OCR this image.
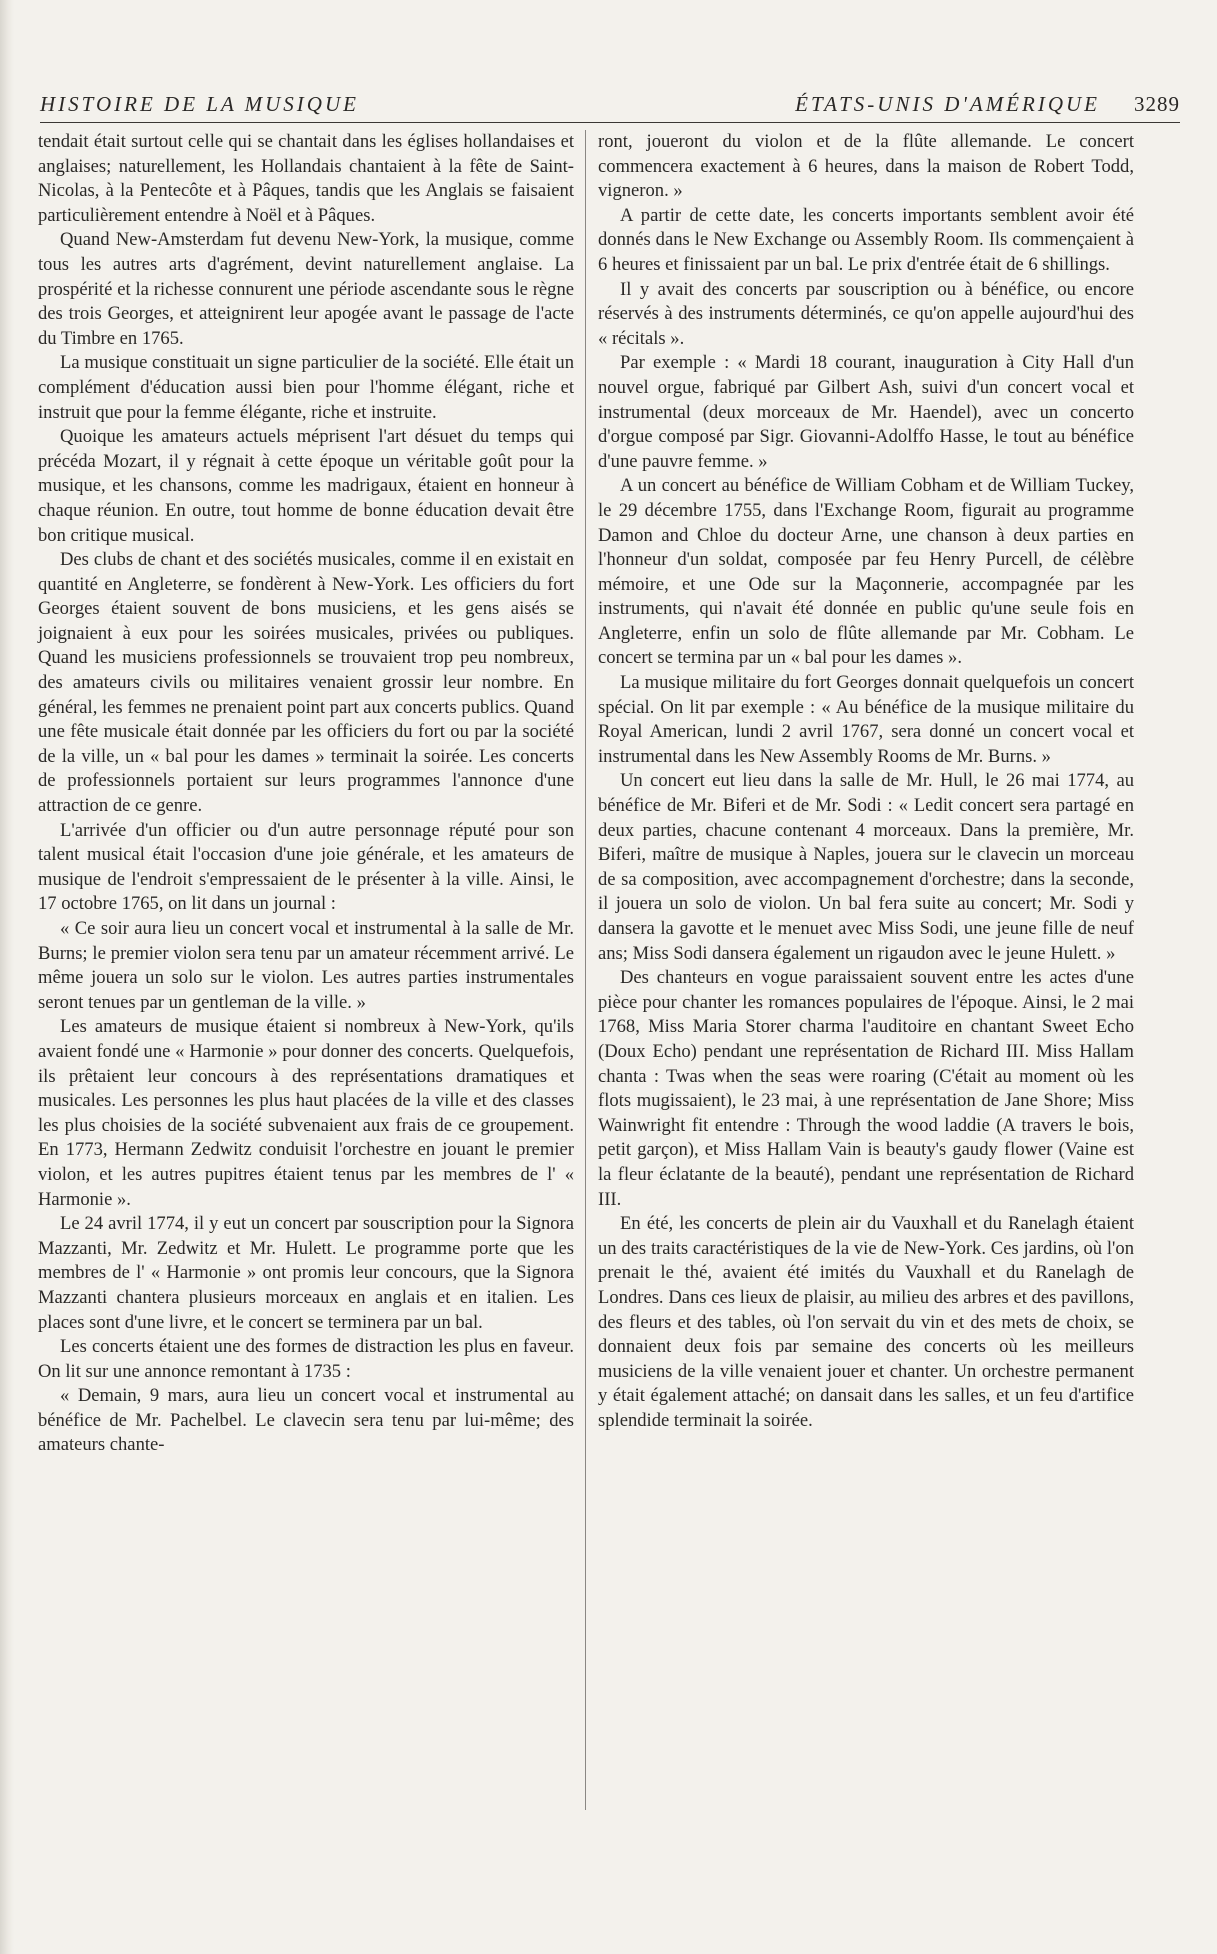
HISTOIRE DE LA MUSIQUE	ÉTATS-UNIS D'AMÉRIQUE 3289

tendait était surtout celle qui se chantait dans les églises hollandaises et anglaises; naturellement, les Hollandais chantaient à la fête de Saint-Nicolas, à la Pentecôte et à Pâques, tandis que les Anglais se faisaient particulièrement entendre à Noël et à Pâques.

Quand New-Amsterdam fut devenu New-York, la musique, comme tous les autres arts d'agrément, devint naturellement anglaise. La prospérité et la richesse connurent une période ascendante sous le règne des trois Georges, et atteignirent leur apogée avant le passage de l'acte du Timbre en 1765.

La musique constituait un signe particulier de la société. Elle était un complément d'éducation aussi bien pour l'homme élégant, riche et instruit que pour la femme élégante, riche et instruite.

Quoique les amateurs actuels méprisent l'art désuet du temps qui précéda Mozart, il y régnait à cette époque un véritable goût pour la musique, et les chansons, comme les madrigaux, étaient en honneur à chaque réunion. En outre, tout homme de bonne éducation devait être bon critique musical.

Des clubs de chant et des sociétés musicales, comme il en existait en quantité en Angleterre, se fondèrent à New-York. Les officiers du fort Georges étaient souvent de bons musiciens, et les gens aisés se joignaient à eux pour les soirées musicales, privées ou publiques. Quand les musiciens professionnels se trouvaient trop peu nombreux, des amateurs civils ou militaires venaient grossir leur nombre. En général, les femmes ne prenaient point part aux concerts publics. Quand une fête musicale était donnée par les officiers du fort ou par la société de la ville, un « bal pour les dames » terminait la soirée. Les concerts de professionnels portaient sur leurs programmes l'annonce d'une attraction de ce genre.

L'arrivée d'un officier ou d'un autre personnage réputé pour son talent musical était l'occasion d'une joie générale, et les amateurs de musique de l'endroit s'empressaient de le présenter à la ville. Ainsi, le 17 octobre 1765, on lit dans un journal :

« Ce soir aura lieu un concert vocal et instrumental à la salle de Mr. Burns; le premier violon sera tenu par un amateur récemment arrivé. Le même jouera un solo sur le violon. Les autres parties instrumentales seront tenues par un gentleman de la ville. »

Les amateurs de musique étaient si nombreux à New-York, qu'ils avaient fondé une « Harmonie » pour donner des concerts. Quelquefois, ils prêtaient leur concours à des représentations dramatiques et musicales. Les personnes les plus haut placées de la ville et des classes les plus choisies de la société subvenaient aux frais de ce groupement. En 1773, Hermann Zedwitz conduisit l'orchestre en jouant le premier violon, et les autres pupitres étaient tenus par les membres de l' « Harmonie ».

Le 24 avril 1774, il y eut un concert par souscription pour la Signora Mazzanti, Mr. Zedwitz et Mr. Hulett. Le programme porte que les membres de l' « Harmonie » ont promis leur concours, que la Signora Mazzanti chantera plusieurs morceaux en anglais et en italien. Les places sont d'une livre, et le concert se terminera par un bal.

Les concerts étaient une des formes de distraction les plus en faveur. On lit sur une annonce remontant à 1735 :

« Demain, 9 mars, aura lieu un concert vocal et instrumental au bénéfice de Mr. Pachelbel. Le clavecin sera tenu par lui-même; des amateurs chante-

ront, joueront du violon et de la flûte allemande. Le concert commencera exactement à 6 heures, dans la maison de Robert Todd, vigneron. »

A partir de cette date, les concerts importants semblent avoir été donnés dans le New Exchange ou Assembly Room. Ils commençaient à 6 heures et finissaient par un bal. Le prix d'entrée était de 6 shillings.

Il y avait des concerts par souscription ou à bénéfice, ou encore réservés à des instruments déterminés, ce qu'on appelle aujourd'hui des « récitals ».

Par exemple : « Mardi 18 courant, inauguration à City Hall d'un nouvel orgue, fabriqué par Gilbert Ash, suivi d'un concert vocal et instrumental (deux morceaux de Mr. Haendel), avec un concerto d'orgue composé par Sigr. Giovanni-Adolffo Hasse, le tout au bénéfice d'une pauvre femme. »

A un concert au bénéfice de William Cobham et de William Tuckey, le 29 décembre 1755, dans l'Exchange Room, figurait au programme Damon and Chloe du docteur Arne, une chanson à deux parties en l'honneur d'un soldat, composée par feu Henry Purcell, de célèbre mémoire, et une Ode sur la Maçonnerie, accompagnée par les instruments, qui n'avait été donnée en public qu'une seule fois en Angleterre, enfin un solo de flûte allemande par Mr. Cobham. Le concert se termina par un « bal pour les dames ».

La musique militaire du fort Georges donnait quelquefois un concert spécial. On lit par exemple : « Au bénéfice de la musique militaire du Royal American, lundi 2 avril 1767, sera donné un concert vocal et instrumental dans les New Assembly Rooms de Mr. Burns. »

Un concert eut lieu dans la salle de Mr. Hull, le 26 mai 1774, au bénéfice de Mr. Biferi et de Mr. Sodi : « Ledit concert sera partagé en deux parties, chacune contenant 4 morceaux. Dans la première, Mr. Biferi, maître de musique à Naples, jouera sur le clavecin un morceau de sa composition, avec accompagnement d'orchestre; dans la seconde, il jouera un solo de violon. Un bal fera suite au concert; Mr. Sodi y dansera la gavotte et le menuet avec Miss Sodi, une jeune fille de neuf ans; Miss Sodi dansera également un rigaudon avec le jeune Hulett. »

Des chanteurs en vogue paraissaient souvent entre les actes d'une pièce pour chanter les romances populaires de l'époque. Ainsi, le 2 mai 1768, Miss Maria Storer charma l'auditoire en chantant Sweet Echo (Doux Echo) pendant une représentation de Richard III. Miss Hallam chanta : Twas when the seas were roaring (C'était au moment où les flots mugissaient), le 23 mai, à une représentation de Jane Shore; Miss Wainwright fit entendre : Through the wood laddie (A travers le bois, petit garçon), et Miss Hallam Vain is beauty's gaudy flower (Vaine est la fleur éclatante de la beauté), pendant une représentation de Richard III.

En été, les concerts de plein air du Vauxhall et du Ranelagh étaient un des traits caractéristiques de la vie de New-York. Ces jardins, où l'on prenait le thé, avaient été imités du Vauxhall et du Ranelagh de Londres. Dans ces lieux de plaisir, au milieu des arbres et des pavillons, des fleurs et des tables, où l'on servait du vin et des mets de choix, se donnaient deux fois par semaine des concerts où les meilleurs musiciens de la ville venaient jouer et chanter. Un orchestre permanent y était également attaché; on dansait dans les salles, et un feu d'artifice splendide terminait la soirée.
